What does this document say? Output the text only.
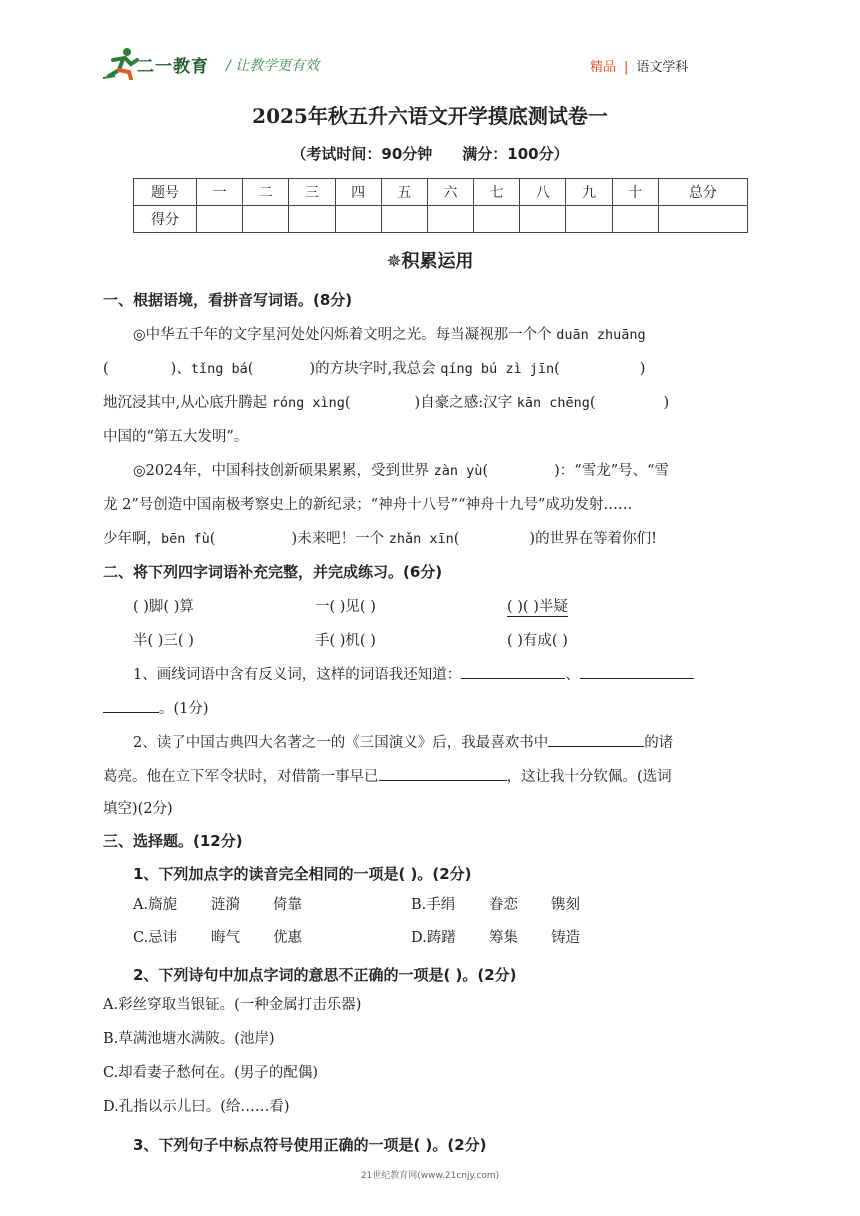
二一教育 / 让教学更有效	精品 | 语文学科
2025年秋五升六语文开学摸底测试卷一
（考试时间：90分钟 满分：100分）
题号	一	二	三	四	五	六	七	八	九	十	总分
得分											
✵积累运用
一、根据语境，看拼音写词语。(8分)
◎中华五千年的文字星河处处闪烁着文明之光。每当凝视那一个个 duān zhuāng
(	)、tǐng bá(	)的方块字时,我总会 qíng bú zì jīn(	)
地沉浸其中,从心底升腾起 róng xìng(	)自豪之感:汉字 kān chēng(	)
中国的“第五大发明”。
◎2024年，中国科技创新硕果累累，受到世界 zàn yù(	)：“雪龙”号、“雪
龙 2”号创造中国南极考察史上的新纪录；“神舟十八号”“神舟十九号”成功发射……
少年啊，bēn fù(	)未来吧！一个 zhǎn xīn(	)的世界在等着你们!
二、将下列四字词语补充完整，并完成练习。(6分)
( )脚( )算	一( )见( )	( )( )半疑
半( )三( )	手( )机( )	( )有成( )
1、画线词语中含有反义词，这样的词语我还知道：	、
。(1分)
2、读了中国古典四大名著之一的《三国演义》后，我最喜欢书中	的诸
葛亮。他在立下军令状时，对借箭一事早已	，这让我十分钦佩。(选词
填空)(2分)
三、选择题。(12分)
1、下列加点字的读音完全相同的一项是( )。(2分)
A.旖旎 涟漪 倚靠	B.手绢 眷恋 镌刻
C.忌讳 晦气 优惠	D.踌躇 筹集 铸造
2、下列诗句中加点字词的意思不正确的一项是( )。(2分)
A.彩丝穿取当银钲。(一种金属打击乐器)
B.草满池塘水满陂。(池岸)
C.却看妻子愁何在。(男子的配偶)
D.孔指以示儿曰。(给……看)
3、下列句子中标点符号使用正确的一项是( )。(2分)
21世纪教育网(www.21cnjy.com)
